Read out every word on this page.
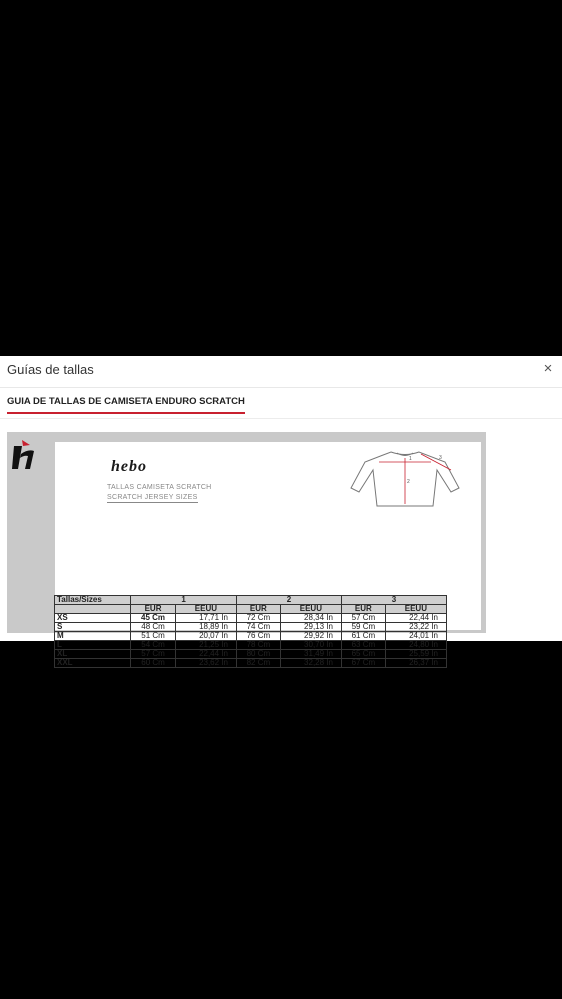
Guías de tallas	×
GUIA DE TALLAS DE CAMISETA ENDURO SCRATCH
hebo
TALLAS CAMISETA SCRATCH
SCRATCH JERSEY SIZES
1
2
3
Tallas/Sizes	1		2		3	
	EUR	EEUU	EUR	EEUU	EUR	EEUU
XS	45 Cm	17,71 In	72 Cm	28,34 In	57 Cm	22,44 In
S	48 Cm	18,89 In	74 Cm	29,13 In	59 Cm	23,22 In
M	51 Cm	20,07 In	76 Cm	29,92 In	61 Cm	24,01 In
L	54 Cm	21,25 In	78 Cm	30,70 In	63 Cm	24,80 In
XL	57 Cm	22,44 In	80 Cm	31,49 In	65 Cm	25,59 In
XXL	60 Cm	23,62 In	82 Cm	32,28 In	67 Cm	26,37 In
